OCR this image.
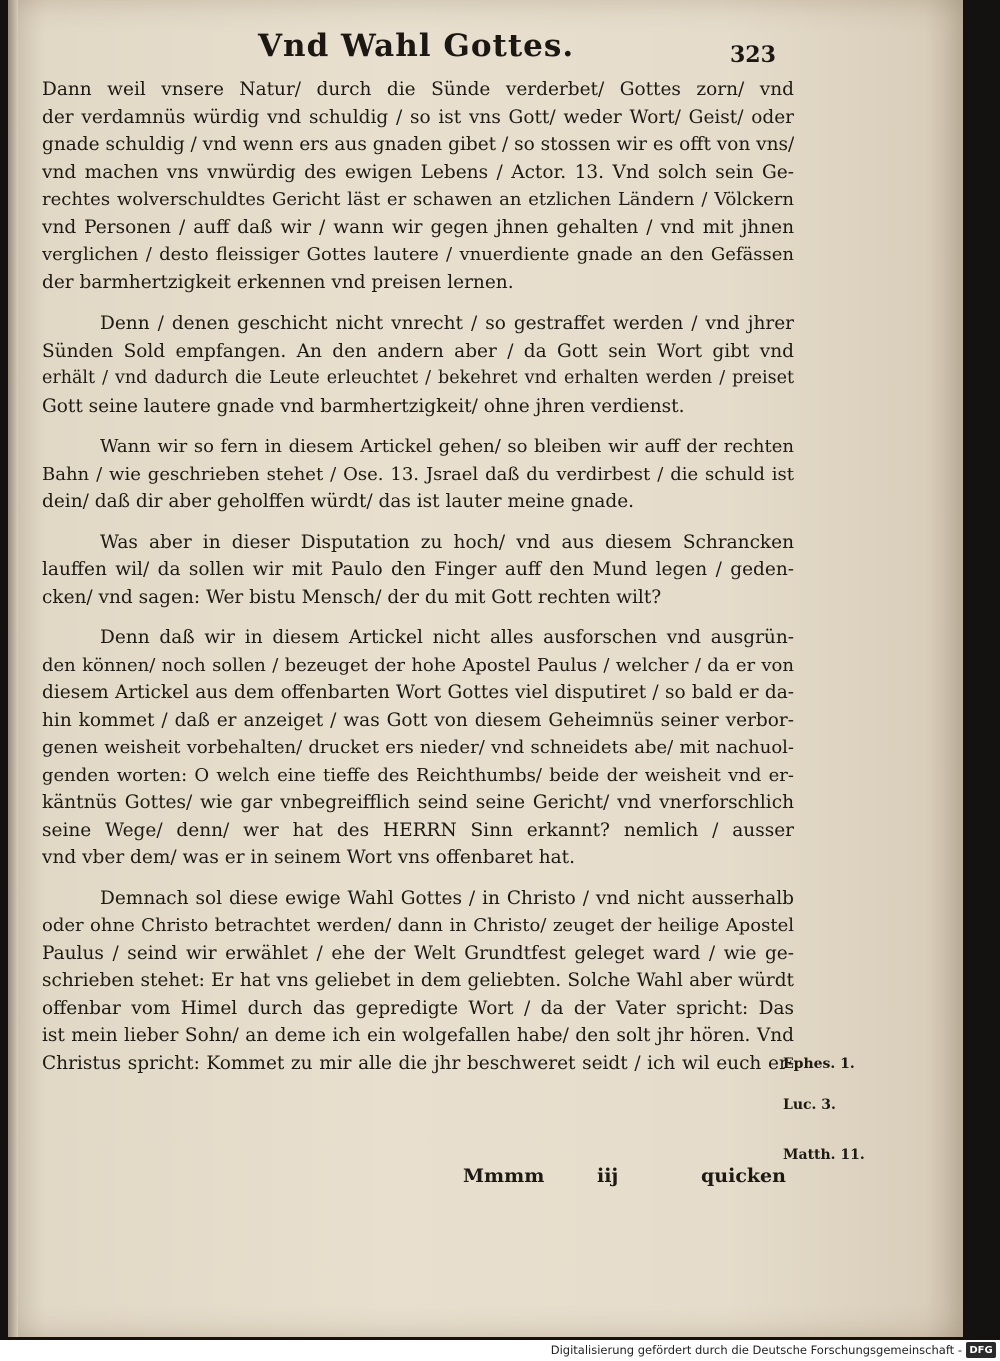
Vnd Wahl Gottes.	323
Dann weil vnsere Natur/ durch die Sünde verderbet/ Gottes zorn/ vnd
der verdamnüs würdig vnd schuldig / so ist vns Gott/ weder Wort/ Geist/ oder
gnade schuldig / vnd wenn ers aus gnaden gibet / so stossen wir es offt von vns/
vnd machen vns vnwürdig des ewigen Lebens / Actor. 13. Vnd solch sein Ge-
rechtes wolverschuldtes Gericht läst er schawen an etzlichen Ländern / Völckern
vnd Personen / auff daß wir / wann wir gegen jhnen gehalten / vnd mit jhnen
verglichen / desto fleissiger Gottes lautere / vnuerdiente gnade an den Gefässen
der barmhertzigkeit erkennen vnd preisen lernen.
Denn / denen geschicht nicht vnrecht / so gestraffet werden / vnd jhrer
Sünden Sold empfangen. An den andern aber / da Gott sein Wort gibt vnd
erhält / vnd dadurch die Leute erleuchtet / bekehret vnd erhalten werden / preiset
Gott seine lautere gnade vnd barmhertzigkeit/ ohne jhren verdienst.
Wann wir so fern in diesem Artickel gehen/ so bleiben wir auff der rechten
Bahn / wie geschrieben stehet / Ose. 13. Jsrael daß du verdirbest / die schuld ist
dein/ daß dir aber geholffen würdt/ das ist lauter meine gnade.
Was aber in dieser Disputation zu hoch/ vnd aus diesem Schrancken
lauffen wil/ da sollen wir mit Paulo den Finger auff den Mund legen / geden-
cken/ vnd sagen: Wer bistu Mensch/ der du mit Gott rechten wilt?
Denn daß wir in diesem Artickel nicht alles ausforschen vnd ausgrün-
den können/ noch sollen / bezeuget der hohe Apostel Paulus / welcher / da er von
diesem Artickel aus dem offenbarten Wort Gottes viel disputiret / so bald er da-
hin kommet / daß er anzeiget / was Gott von diesem Geheimnüs seiner verbor-
genen weisheit vorbehalten/ drucket ers nieder/ vnd schneidets abe/ mit nachuol-
genden worten: O welch eine tieffe des Reichthumbs/ beide der weisheit vnd er-
käntnüs Gottes/ wie gar vnbegreifflich seind seine Gericht/ vnd vnerforschlich
seine Wege/ denn/ wer hat des HERRN Sinn erkannt? nemlich / ausser
vnd vber dem/ was er in seinem Wort vns offenbaret hat.
Demnach sol diese ewige Wahl Gottes / in Christo / vnd nicht ausserhalb
oder ohne Christo betrachtet werden/ dann in Christo/ zeuget der heilige Apostel
Paulus / seind wir erwählet / ehe der Welt Grundtfest geleget ward / wie ge-
schrieben stehet: Er hat vns geliebet in dem geliebten. Solche Wahl aber würdt
offenbar vom Himel durch das gepredigte Wort / da der Vater spricht: Das
ist mein lieber Sohn/ an deme ich ein wolgefallen habe/ den solt jhr hören. Vnd
Christus spricht: Kommet zu mir alle die jhr beschweret seidt / ich wil euch er-
Ephes. 1.
Luc. 3.
Matth. 11.
Mmmm	iij	quicken
Digitalisierung gefördert durch die Deutsche Forschungsgemeinschaft - DFG
